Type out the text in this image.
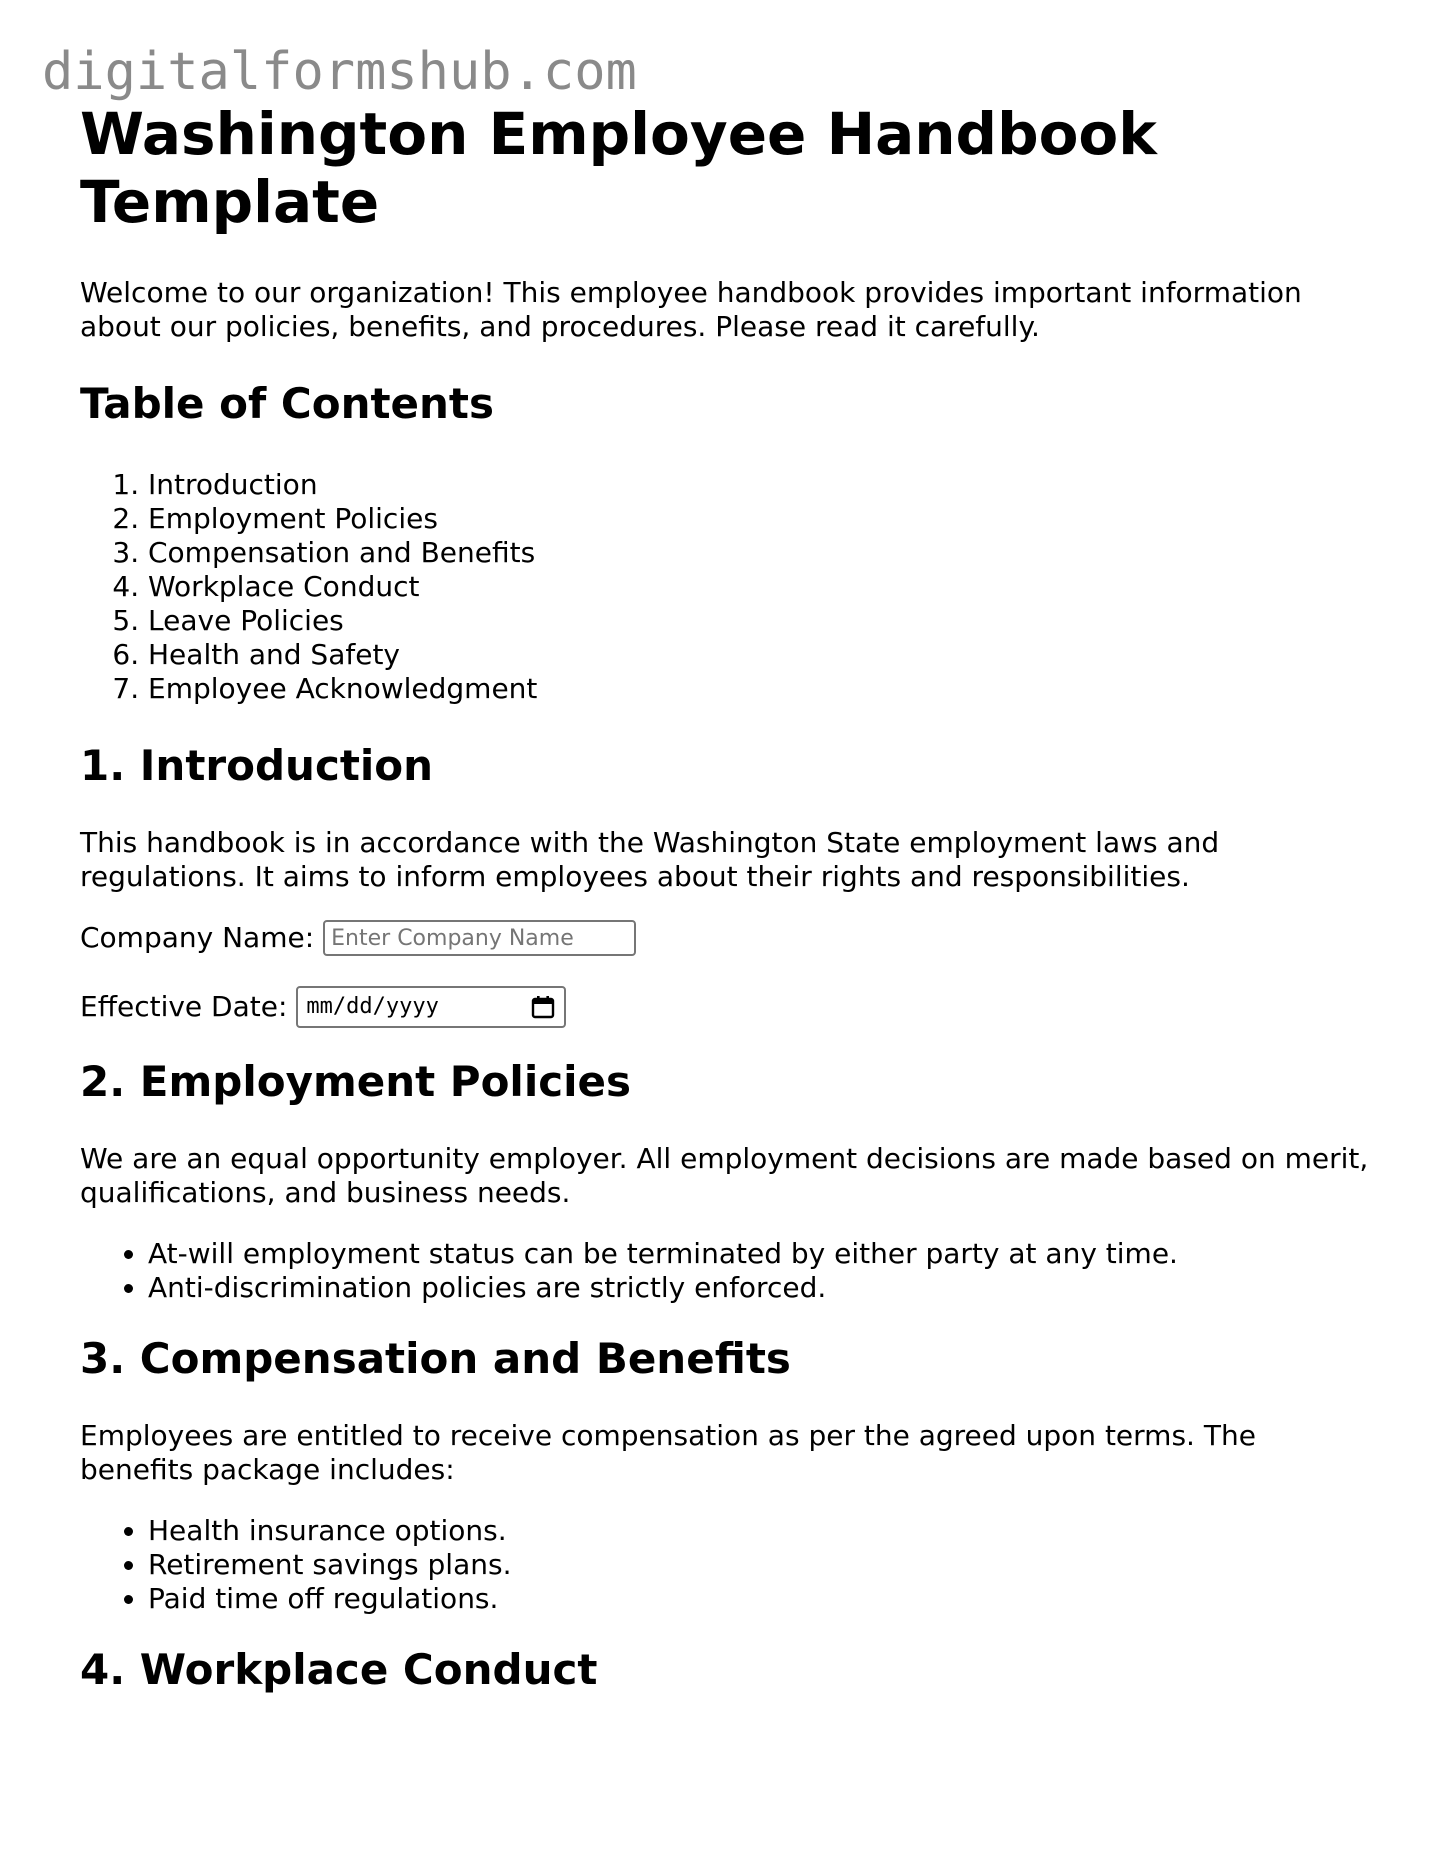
digitalformshub.com
Washington Employee Handbook Template

Welcome to our organization! This employee handbook provides important information about our policies, benefits, and procedures. Please read it carefully.

Table of Contents
1. Introduction
2. Employment Policies
3. Compensation and Benefits
4. Workplace Conduct
5. Leave Policies
6. Health and Safety
7. Employee Acknowledgment
1. Introduction

This handbook is in accordance with the Washington State employment laws and regulations. It aims to inform employees about their rights and responsibilities.

Company Name:
Enter Company Name
Effective Date: mm/dd/yyyy
2. Employment Policies

We are an equal opportunity employer. All employment decisions are made based on merit, qualifications, and business needs.

• At-will employment status can be terminated by either party at any time.
• Anti-discrimination policies are strictly enforced.
3. Compensation and Benefits

Employees are entitled to receive compensation as per the agreed upon terms. The benefits package includes:

• Health insurance options.
• Retirement savings plans.
• Paid time off regulations.
4. Workplace Conduct
